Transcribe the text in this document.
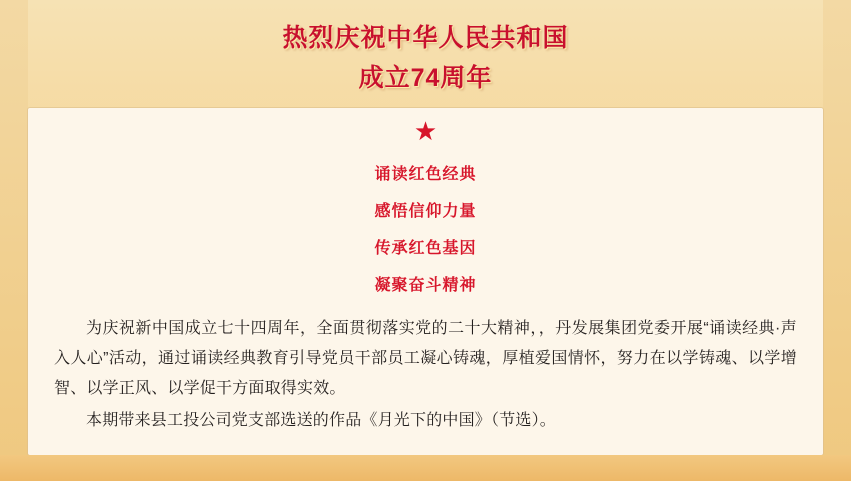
热烈庆祝中华人民共和国
成立74周年
★
诵读红色经典
感悟信仰力量
传承红色基因
凝聚奋斗精神

为庆祝新中国成立七十四周年，全面贯彻落实党的二十大精神，，丹发展集团党委开展“诵读经典·声入人心”活动，通过诵读经典教育引导党员干部员工凝心铸魂，厚植爱国情怀，努力在以学铸魂、以学增智、以学正风、以学促干方面取得实效。

本期带来县工投公司党支部选送的作品《月光下的中国》（节选）。
